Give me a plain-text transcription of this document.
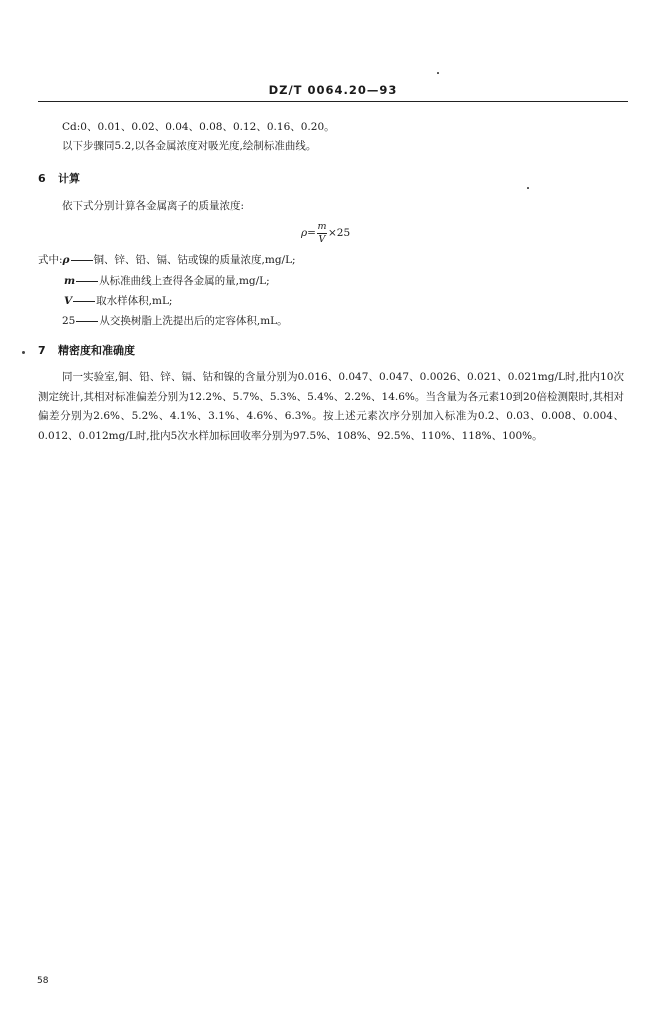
DZ/T 0064.20—93
Cd:0、0.01、0.02、0.04、0.08、0.12、0.16、0.20。
以下步骤同5.2,以各金属浓度对吸光度,绘制标准曲线。
6 计算
依下式分别计算各金属离子的质量浓度:
$\rho= \frac{m}{V} \times 25$
式中:ρ 铜、锌、铅、镉、钴或镍的质量浓度,mg/L;
m 从标准曲线上查得各金属的量,mg/L;
V 取水样体积,mL;
25 从交换树脂上洗提出后的定容体积,mL。
7 精密度和准确度
同一实验室,铜、铅、锌、镉、钴和镍的含量分别为0.016、0.047、0.047、0.0026、0.021、0.021mg/L时,批内10次测定统计,其相对标准偏差分别为12.2%、5.7%、5.3%、5.4%、2.2%、14.6%。当含量为各元素10到20倍检测限时,其相对偏差分别为2.6%、5.2%、4.1%、3.1%、4.6%、6.3%。按上述元素次序分别加入标准为0.2、0.03、0.008、0.004、0.012、0.012mg/L时,批内5次水样加标回收率分别为97.5%、108%、92.5%、110%、118%、100%。
58
